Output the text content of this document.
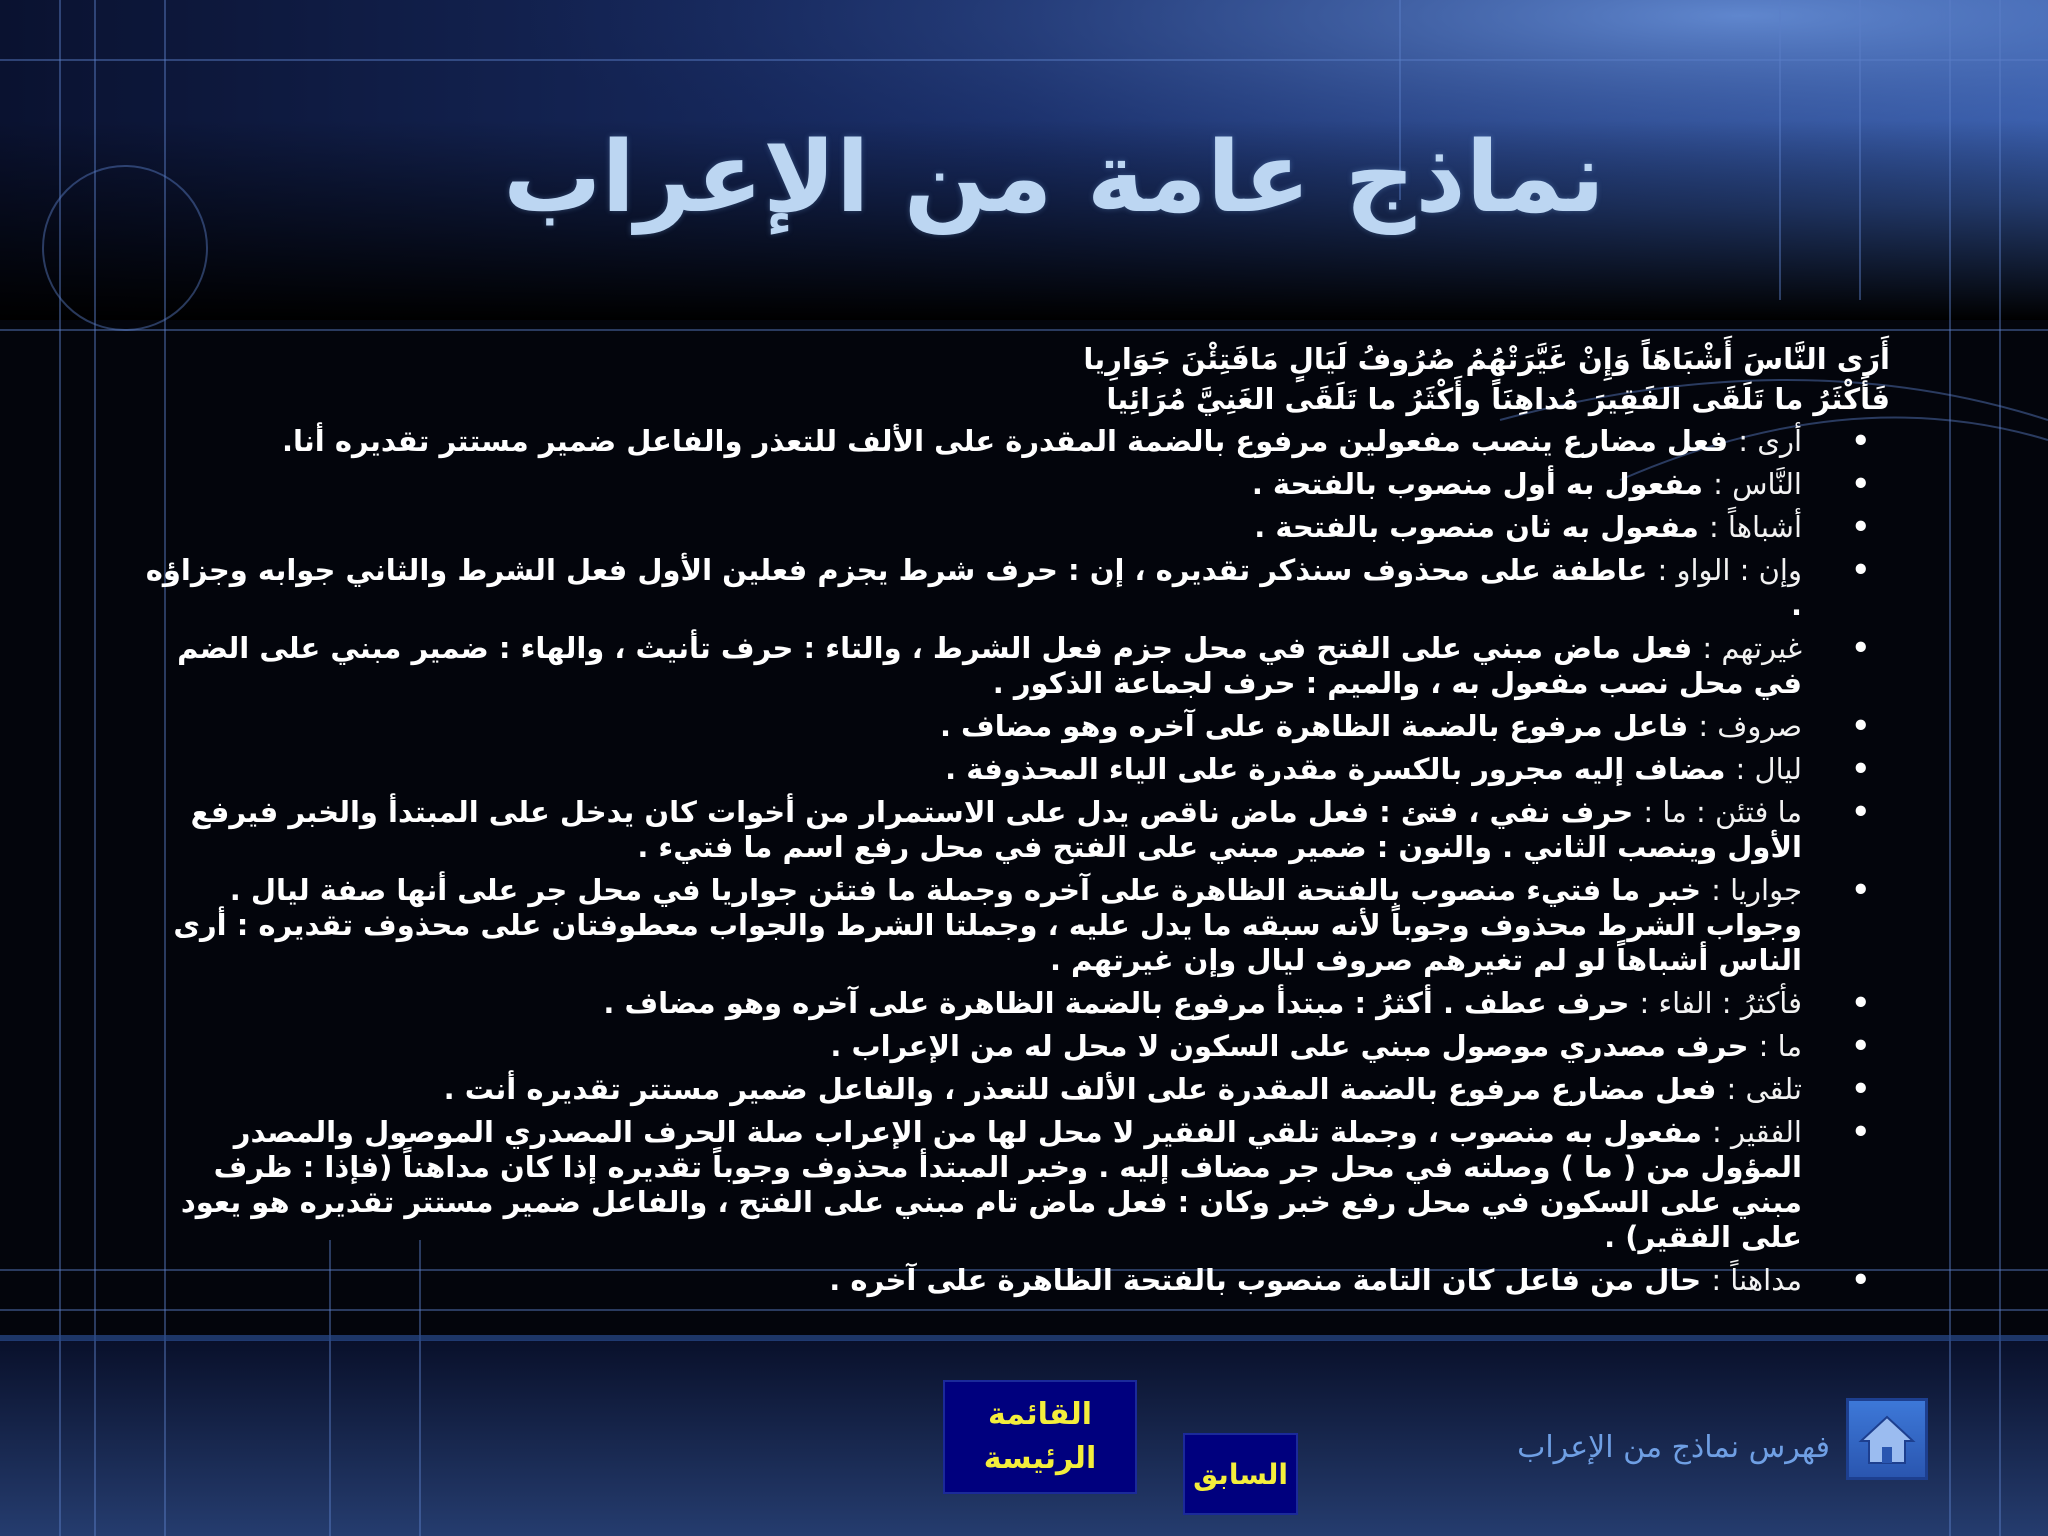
نماذج عامة من الإعراب
أَرَى النَّاسَ أَشْبَاهَاً وَإِنْ غَيَّرَتْهُمُ صُرُوفُ لَيَالٍ مَافَتِئْنَ جَوَارِيا
فَأَكْثَرُ ما تَلَقَى الفَقِيرَ مُداهِنَاً وأَكْثَرُ ما تَلَقَى الغَنِيَّ مُرَائِيا
•
أرى : فعل مضارع ينصب مفعولين مرفوع بالضمة المقدرة على الألف للتعذر والفاعل ضمير مستتر تقديره أنا.
•
النَّاس : مفعول به أول منصوب بالفتحة .
•
أشباهاً : مفعول به ثان منصوب بالفتحة .
•
وإن : الواو : عاطفة على محذوف سنذكر تقديره ، إن : حرف شرط يجزم فعلين الأول فعل الشرط والثاني جوابه وجزاؤه .
•
غيرتهم : فعل ماض مبني على الفتح في محل جزم فعل الشرط ، والتاء : حرف تأنيث ، والهاء : ضمير مبني على الضم في محل نصب مفعول به ، والميم : حرف لجماعة الذكور .
•
صروف : فاعل مرفوع بالضمة الظاهرة على آخره وهو مضاف .
•
ليال : مضاف إليه مجرور بالكسرة مقدرة على الياء المحذوفة .
•
ما فتئن : ما : حرف نفي ، فتئ : فعل ماض ناقص يدل على الاستمرار من أخوات كان يدخل على المبتدأ والخبر فيرفع الأول وينصب الثاني . والنون : ضمير مبني على الفتح في محل رفع اسم ما فتيء .
•
جواريا : خبر ما فتيء منصوب بالفتحة الظاهرة على آخره وجملة ما فتئن جواريا في محل جر على أنها صفة ليال . وجواب الشرط محذوف وجوباً لأنه سبقه ما يدل عليه ، وجملتا الشرط والجواب معطوفتان على محذوف تقديره : أرى الناس أشباهاً لو لم تغيرهم صروف ليال وإن غيرتهم .
•
فأكثرُ : الفاء : حرف عطف . أكثرُ : مبتدأ مرفوع بالضمة الظاهرة على آخره وهو مضاف .
•
ما : حرف مصدري موصول مبني على السكون لا محل له من الإعراب .
•
تلقى : فعل مضارع مرفوع بالضمة المقدرة على الألف للتعذر ، والفاعل ضمير مستتر تقديره أنت .
•
الفقير : مفعول به منصوب ، وجملة تلقي الفقير لا محل لها من الإعراب صلة الحرف المصدري الموصول والمصدر المؤول من ( ما ) وصلته في محل جر مضاف إليه . وخبر المبتدأ محذوف وجوباً تقديره إذا كان مداهناً (فإذا : ظرف مبني على السكون في محل رفع خبر وكان : فعل ماض تام مبني على الفتح ، والفاعل ضمير مستتر تقديره هو يعود على الفقير) .
•
مداهناً : حال من فاعل كان التامة منصوب بالفتحة الظاهرة على آخره .
القائمة
الرئيسة	السابق
فهرس نماذج من الإعراب
